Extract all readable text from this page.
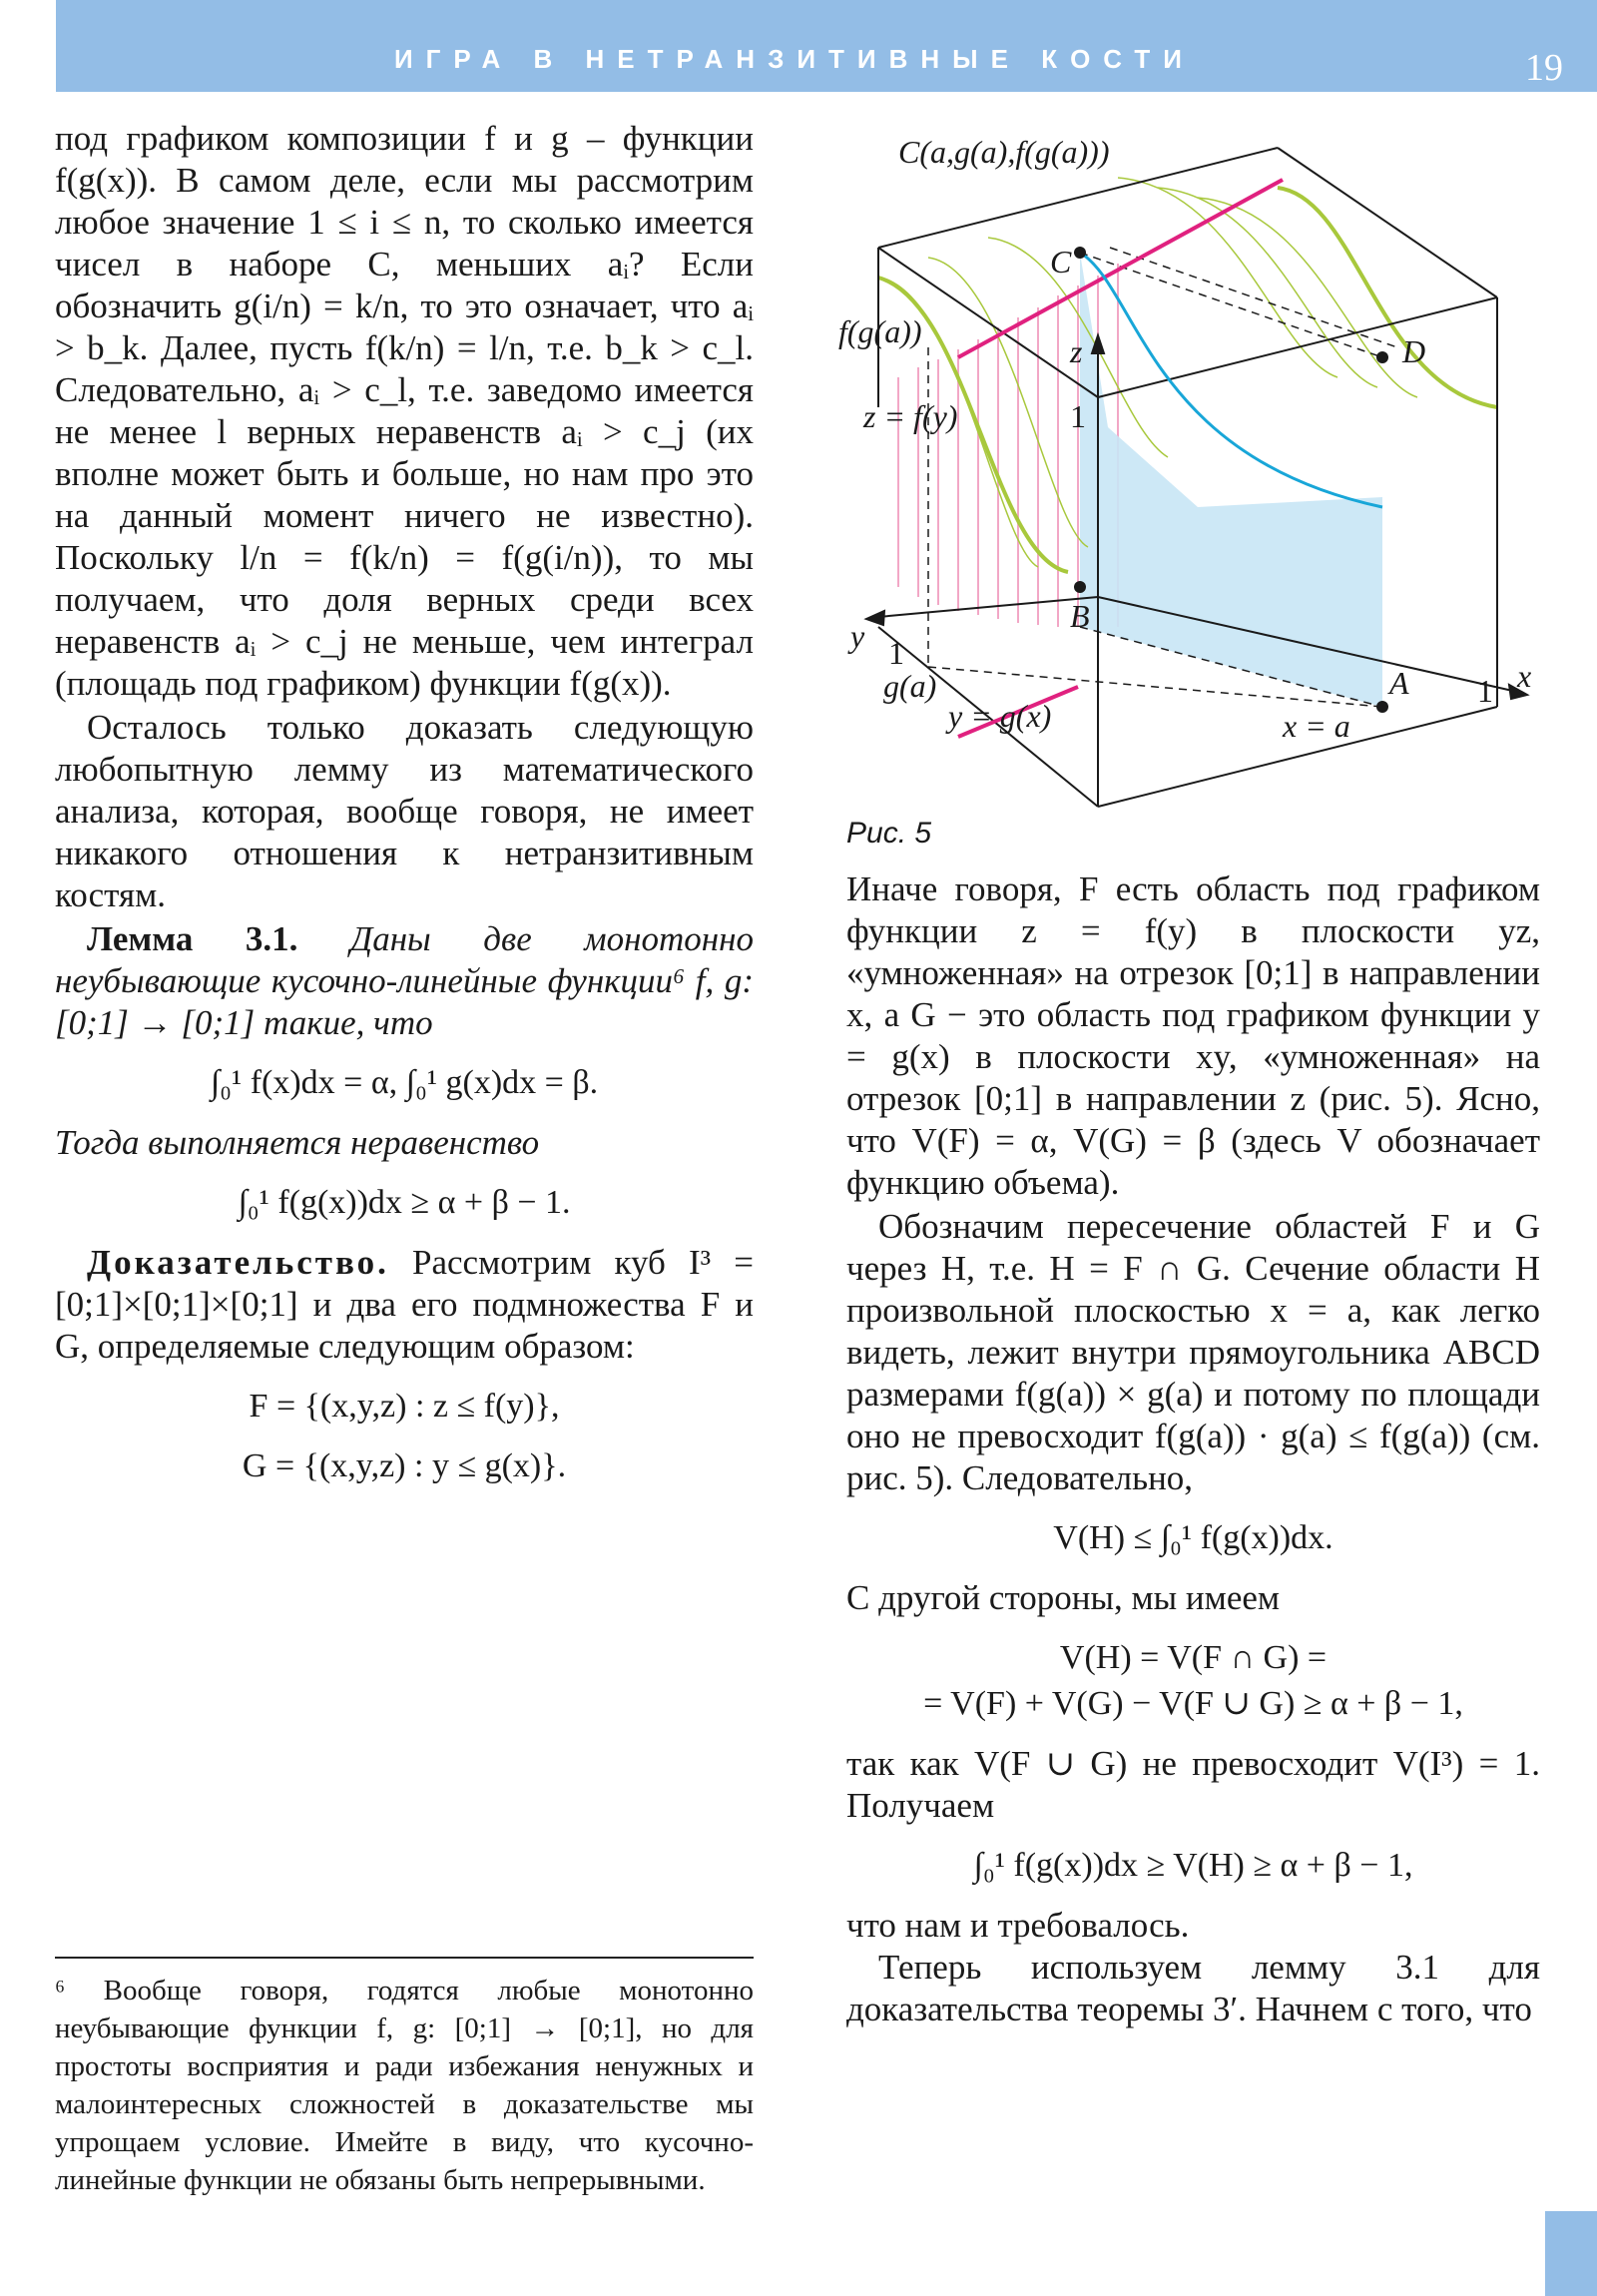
ИГРА В НЕТРАНЗИТИВНЫЕ КОСТИ	19

под графиком композиции f и g – функции f(g(x)). В самом деле, если мы рассмотрим любое значение 1 ≤ i ≤ n, то сколько имеется чисел в наборе C, меньших aᵢ? Если обозначить g(i/n) = k/n, то это означает, что aᵢ > b_k. Далее, пусть f(k/n) = l/n, т.е. b_k > c_l. Следовательно, aᵢ > c_l, т.е. заведомо имеется не менее l верных неравенств aᵢ > c_j (их вполне может быть и больше, но нам про это на данный момент ничего не известно). Поскольку l/n = f(k/n) = f(g(i/n)), то мы получаем, что доля верных среди всех неравенств aᵢ > c_j не меньше, чем интеграл (площадь под графиком) функции f(g(x)).

Осталось только доказать следующую любопытную лемму из математического анализа, которая, вообще говоря, не имеет никакого отношения к нетранзитивным костям.

Лемма 3.1. Даны две монотонно неубывающие кусочно-линейные функции⁶ f, g: [0;1] → [0;1] такие, что

∫₀¹ f(x)dx = α, ∫₀¹ g(x)dx = β.

Тогда выполняется неравенство

∫₀¹ f(g(x))dx ≥ α + β − 1.

Доказательство. Рассмотрим куб I³ = [0;1]×[0;1]×[0;1] и два его подмножества F и G, определяемые следующим образом:

F = {(x,y,z) : z ≤ f(y)},
G = {(x,y,z) : y ≤ g(x)}.
⁶ Вообще говоря, годятся любые монотонно неубывающие функции f, g: [0;1] → [0;1], но для простоты восприятия и ради избежания ненужных и малоинтересных сложностей в доказательстве мы упрощаем условие. Имейте в виду, что кусочно-линейные функции не обязаны быть непрерывными.
C(a,g(a),f(g(a)))
f(g(a))
z = f(y)
z
1
C
D
B
A
y 1
g(a)
y = g(x)	x = a
1 x
Рис. 5

Иначе говоря, F есть область под графиком функции z = f(y) в плоскости yz, «умноженная» на отрезок [0;1] в направлении x, а G − это область под графиком функции y = g(x) в плоскости xy, «умноженная» на отрезок [0;1] в направлении z (рис. 5). Ясно, что V(F) = α, V(G) = β (здесь V обозначает функцию объема).

Обозначим пересечение областей F и G через H, т.е. H = F ∩ G. Сечение области H произвольной плоскостью x = a, как легко видеть, лежит внутри прямоугольника ABCD размерами f(g(a)) × g(a) и потому по площади оно не превосходит f(g(a)) · g(a) ≤ f(g(a)) (см. рис. 5). Следовательно,

V(H) ≤ ∫₀¹ f(g(x))dx.

С другой стороны, мы имеем

V(H) = V(F ∩ G) =
= V(F) + V(G) − V(F ∪ G) ≥ α + β − 1,

так как V(F ∪ G) не превосходит V(I³) = 1. Получаем

∫₀¹ f(g(x))dx ≥ V(H) ≥ α + β − 1,

что нам и требовалось.

Теперь используем лемму 3.1 для доказательства теоремы 3′. Начнем с того, что
